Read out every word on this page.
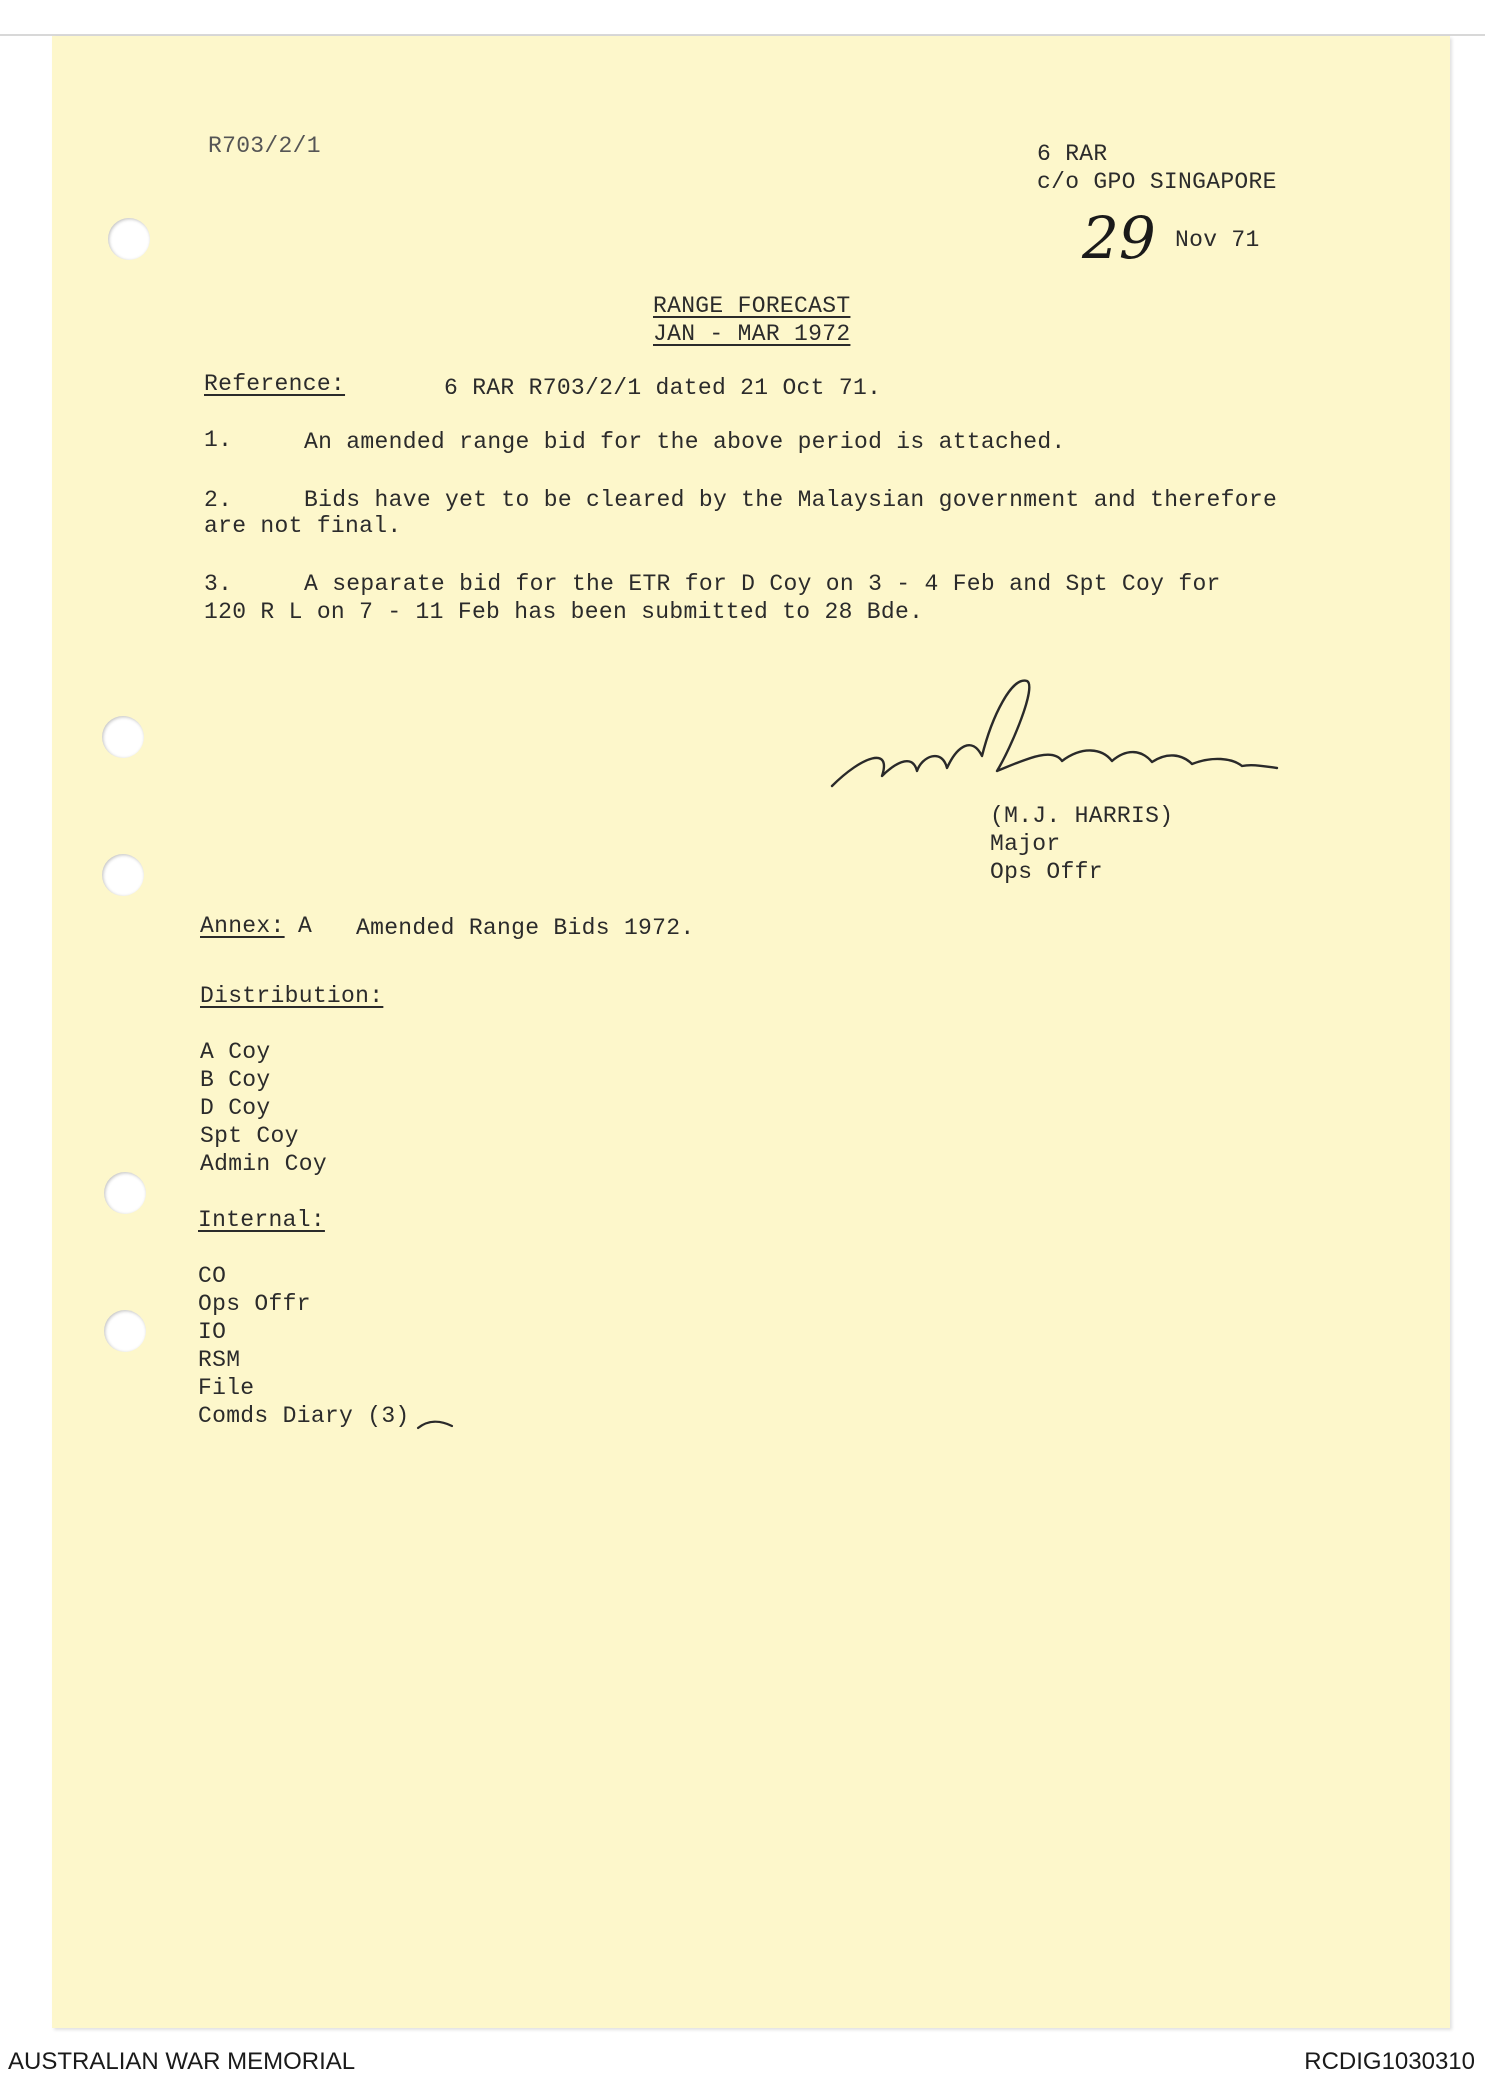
R703/2/1	6 RAR
c/o GPO SINGAPORE
29 Nov 71
RANGE FORECAST
JAN - MAR 1972
Reference:	6 RAR R703/2/1 dated 21 Oct 71.
1.	An amended range bid for the above period is attached.
2.	Bids have yet to be cleared by the Malaysian government and therefore
are not final.
3.	A separate bid for the ETR for D Coy on 3 - 4 Feb and Spt Coy for
120 R L on 7 - 11 Feb has been submitted to 28 Bde.
(M.J. HARRIS)
Major
Ops Offr
Annex: A Amended Range Bids 1972.
Distribution:
A Coy
B Coy
D Coy
Spt Coy
Admin Coy
Internal:
CO
Ops Offr
IO
RSM
File
Comds Diary (3)
AUSTRALIAN WAR MEMORIAL	RCDIG1030310
